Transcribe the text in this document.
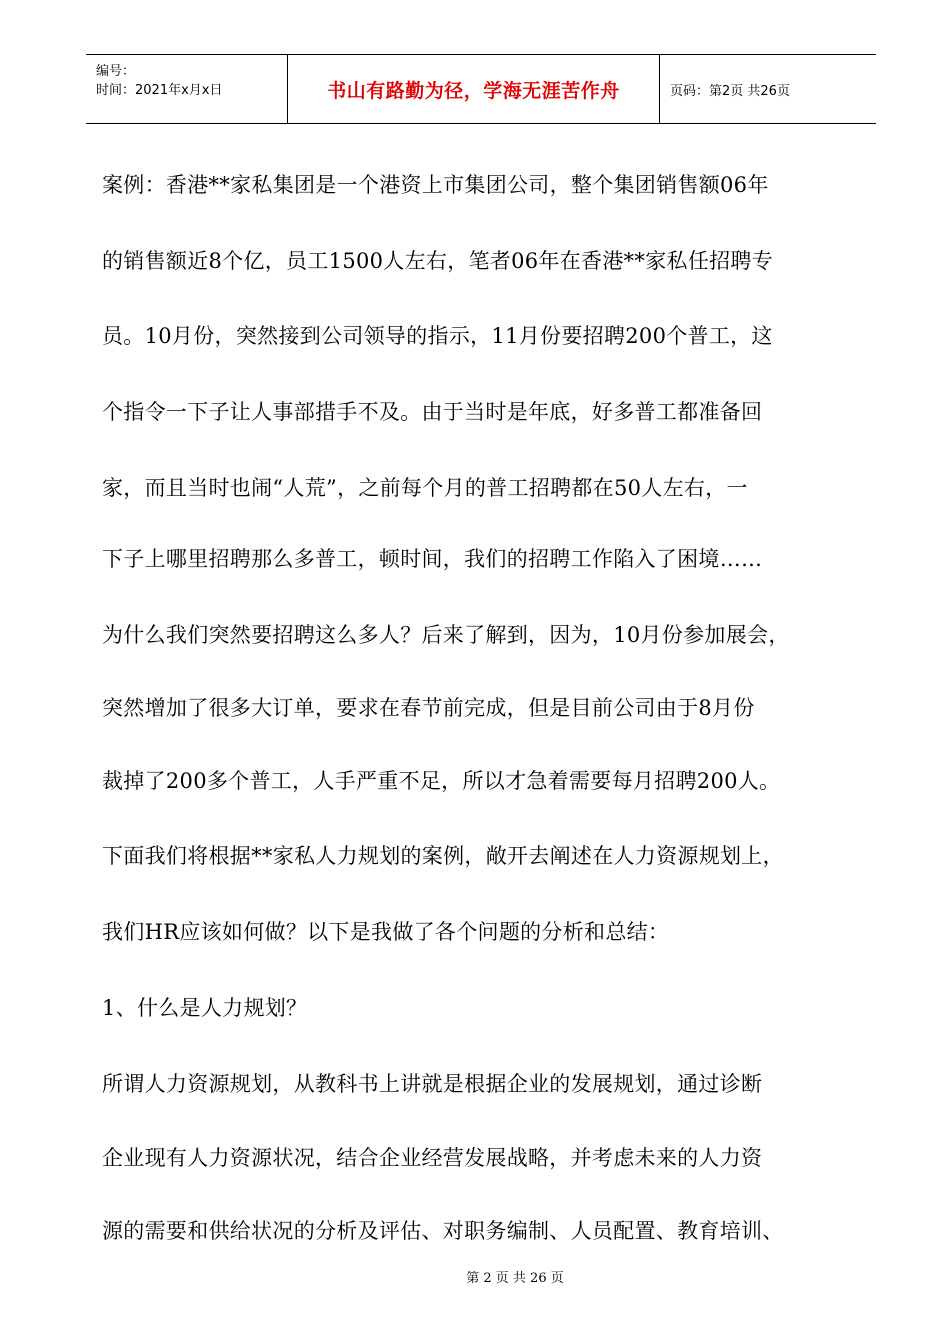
编号：
时间：2021年x月x日	书山有路勤为径，学海无涯苦作舟	页码：第2页 共26页
案例：香港**家私集团是一个港资上市集团公司，整个集团销售额06年
的销售额近8个亿，员工1500人左右，笔者06年在香港**家私任招聘专
员。10月份，突然接到公司领导的指示，11月份要招聘200个普工，这
个指令一下子让人事部措手不及。由于当时是年底，好多普工都准备回
家，而且当时也闹“人荒”，之前每个月的普工招聘都在50人左右，一
下子上哪里招聘那么多普工，顿时间，我们的招聘工作陷入了困境……
为什么我们突然要招聘这么多人？后来了解到，因为，10月份参加展会，
突然增加了很多大订单，要求在春节前完成，但是目前公司由于8月份
裁掉了200多个普工，人手严重不足，所以才急着需要每月招聘200人。
下面我们将根据**家私人力规划的案例，敞开去阐述在人力资源规划上，
我们HR应该如何做？以下是我做了各个问题的分析和总结：
1、什么是人力规划？
所谓人力资源规划，从教科书上讲就是根据企业的发展规划，通过诊断
企业现有人力资源状况，结合企业经营发展战略，并考虑未来的人力资
源的需要和供给状况的分析及评估、对职务编制、人员配置、教育培训、
第 2 页 共 26 页
